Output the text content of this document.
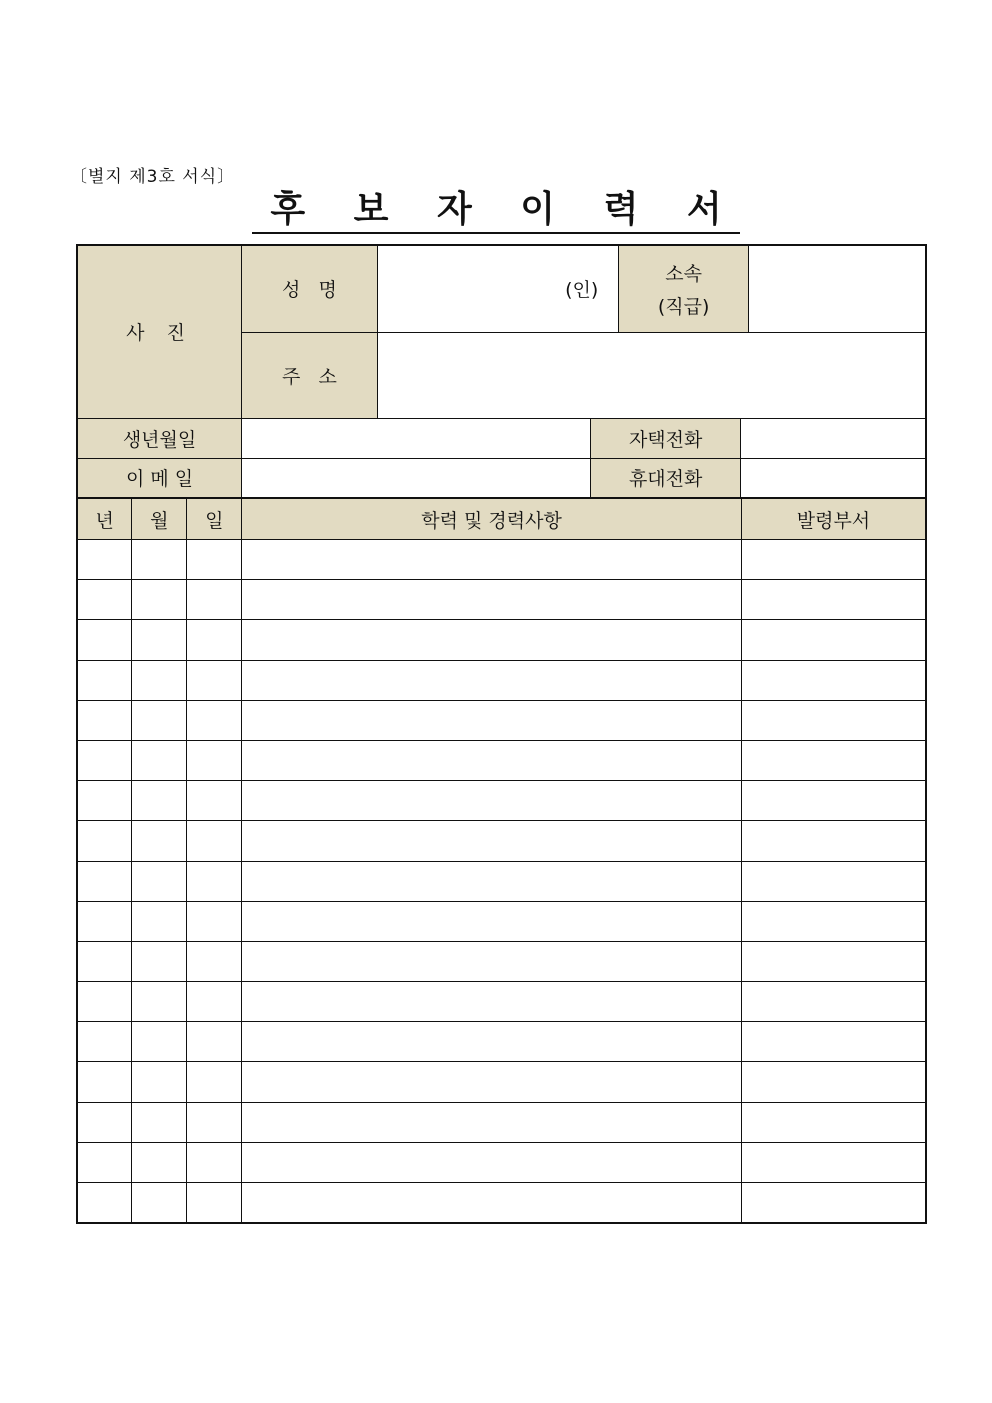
〔별지 제3호 서식〕
후 보 자 이 력 서
사 진	성   명	(인)		소속
(직급)		

	주   소					
생년월일			자택전화			
이 메 일			휴대전화			
년	월	일	학력 및 경력사항	발령부서
